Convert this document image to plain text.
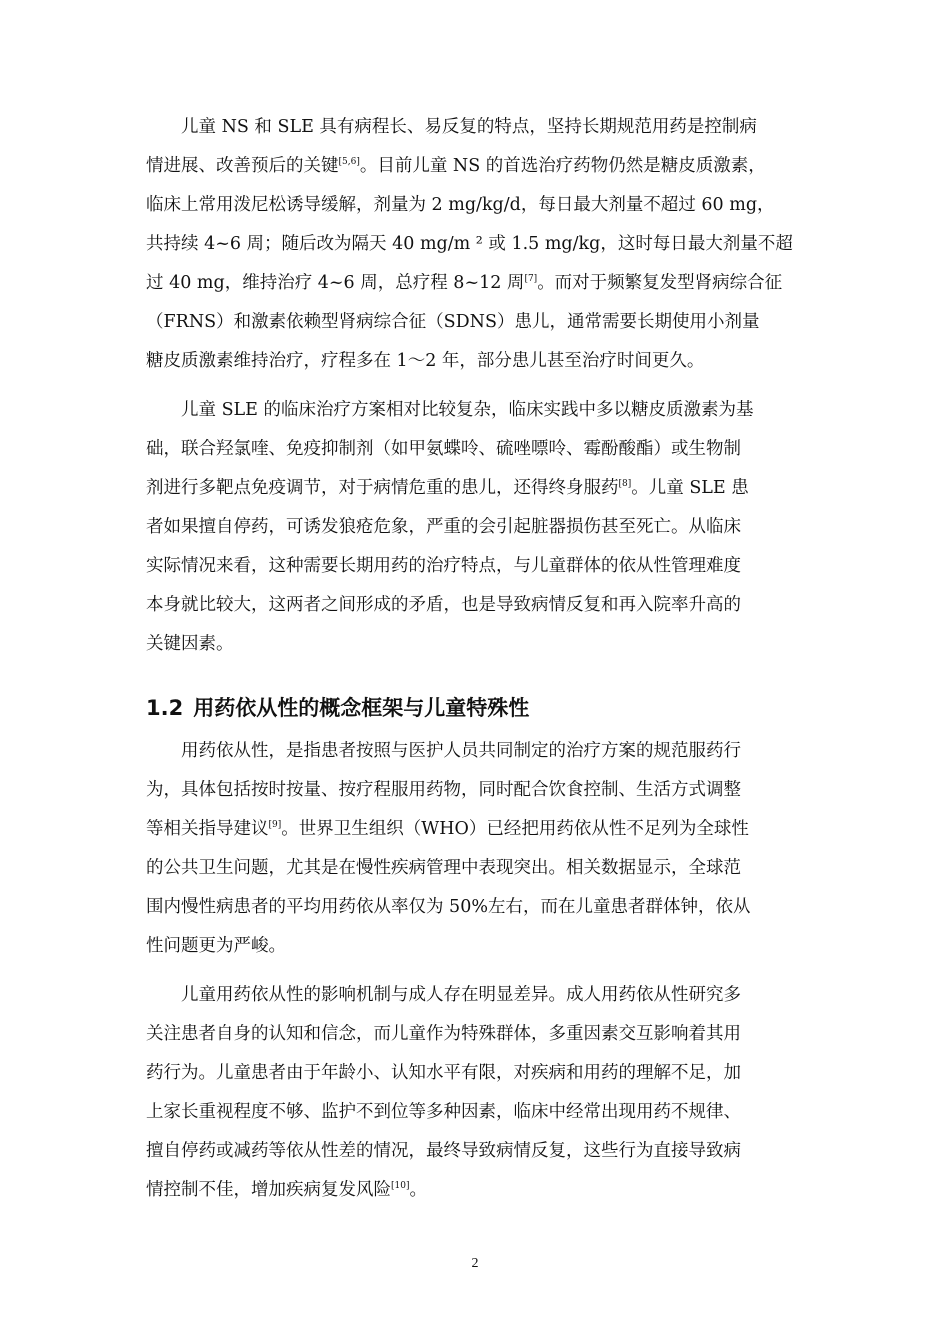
儿童 NS 和 SLE 具有病程长、易反复的特点，坚持长期规范用药是控制病
情进展、改善预后的关键[5,6]。目前儿童 NS 的首选治疗药物仍然是糖皮质激素，
临床上常用泼尼松诱导缓解，剂量为 2 mg/kg/d，每日最大剂量不超过 60 mg，
共持续 4~6 周；随后改为隔天 40 mg/m ² 或 1.5 mg/kg，这时每日最大剂量不超
过 40 mg，维持治疗 4~6 周，总疗程 8~12 周[7]。而对于频繁复发型肾病综合征
（FRNS）和激素依赖型肾病综合征（SDNS）患儿，通常需要长期使用小剂量
糖皮质激素维持治疗，疗程多在 1～2 年，部分患儿甚至治疗时间更久。
儿童 SLE 的临床治疗方案相对比较复杂，临床实践中多以糖皮质激素为基
础，联合羟氯喹、免疫抑制剂（如甲氨蝶呤、硫唑嘌呤、霉酚酸酯）或生物制
剂进行多靶点免疫调节，对于病情危重的患儿，还得终身服药[8]。儿童 SLE 患
者如果擅自停药，可诱发狼疮危象，严重的会引起脏器损伤甚至死亡。从临床
实际情况来看，这种需要长期用药的治疗特点，与儿童群体的依从性管理难度
本身就比较大，这两者之间形成的矛盾，也是导致病情反复和再入院率升高的
关键因素。
1.2 用药依从性的概念框架与儿童特殊性
用药依从性，是指患者按照与医护人员共同制定的治疗方案的规范服药行
为，具体包括按时按量、按疗程服用药物，同时配合饮食控制、生活方式调整
等相关指导建议[9]。世界卫生组织（WHO）已经把用药依从性不足列为全球性
的公共卫生问题，尤其是在慢性疾病管理中表现突出。相关数据显示，全球范
围内慢性病患者的平均用药依从率仅为 50%左右，而在儿童患者群体钟，依从
性问题更为严峻。
儿童用药依从性的影响机制与成人存在明显差异。成人用药依从性研究多
关注患者自身的认知和信念，而儿童作为特殊群体，多重因素交互影响着其用
药行为。儿童患者由于年龄小、认知水平有限，对疾病和用药的理解不足，加
上家长重视程度不够、监护不到位等多种因素，临床中经常出现用药不规律、
擅自停药或减药等依从性差的情况，最终导致病情反复，这些行为直接导致病
情控制不佳，增加疾病复发风险[10]。
2
